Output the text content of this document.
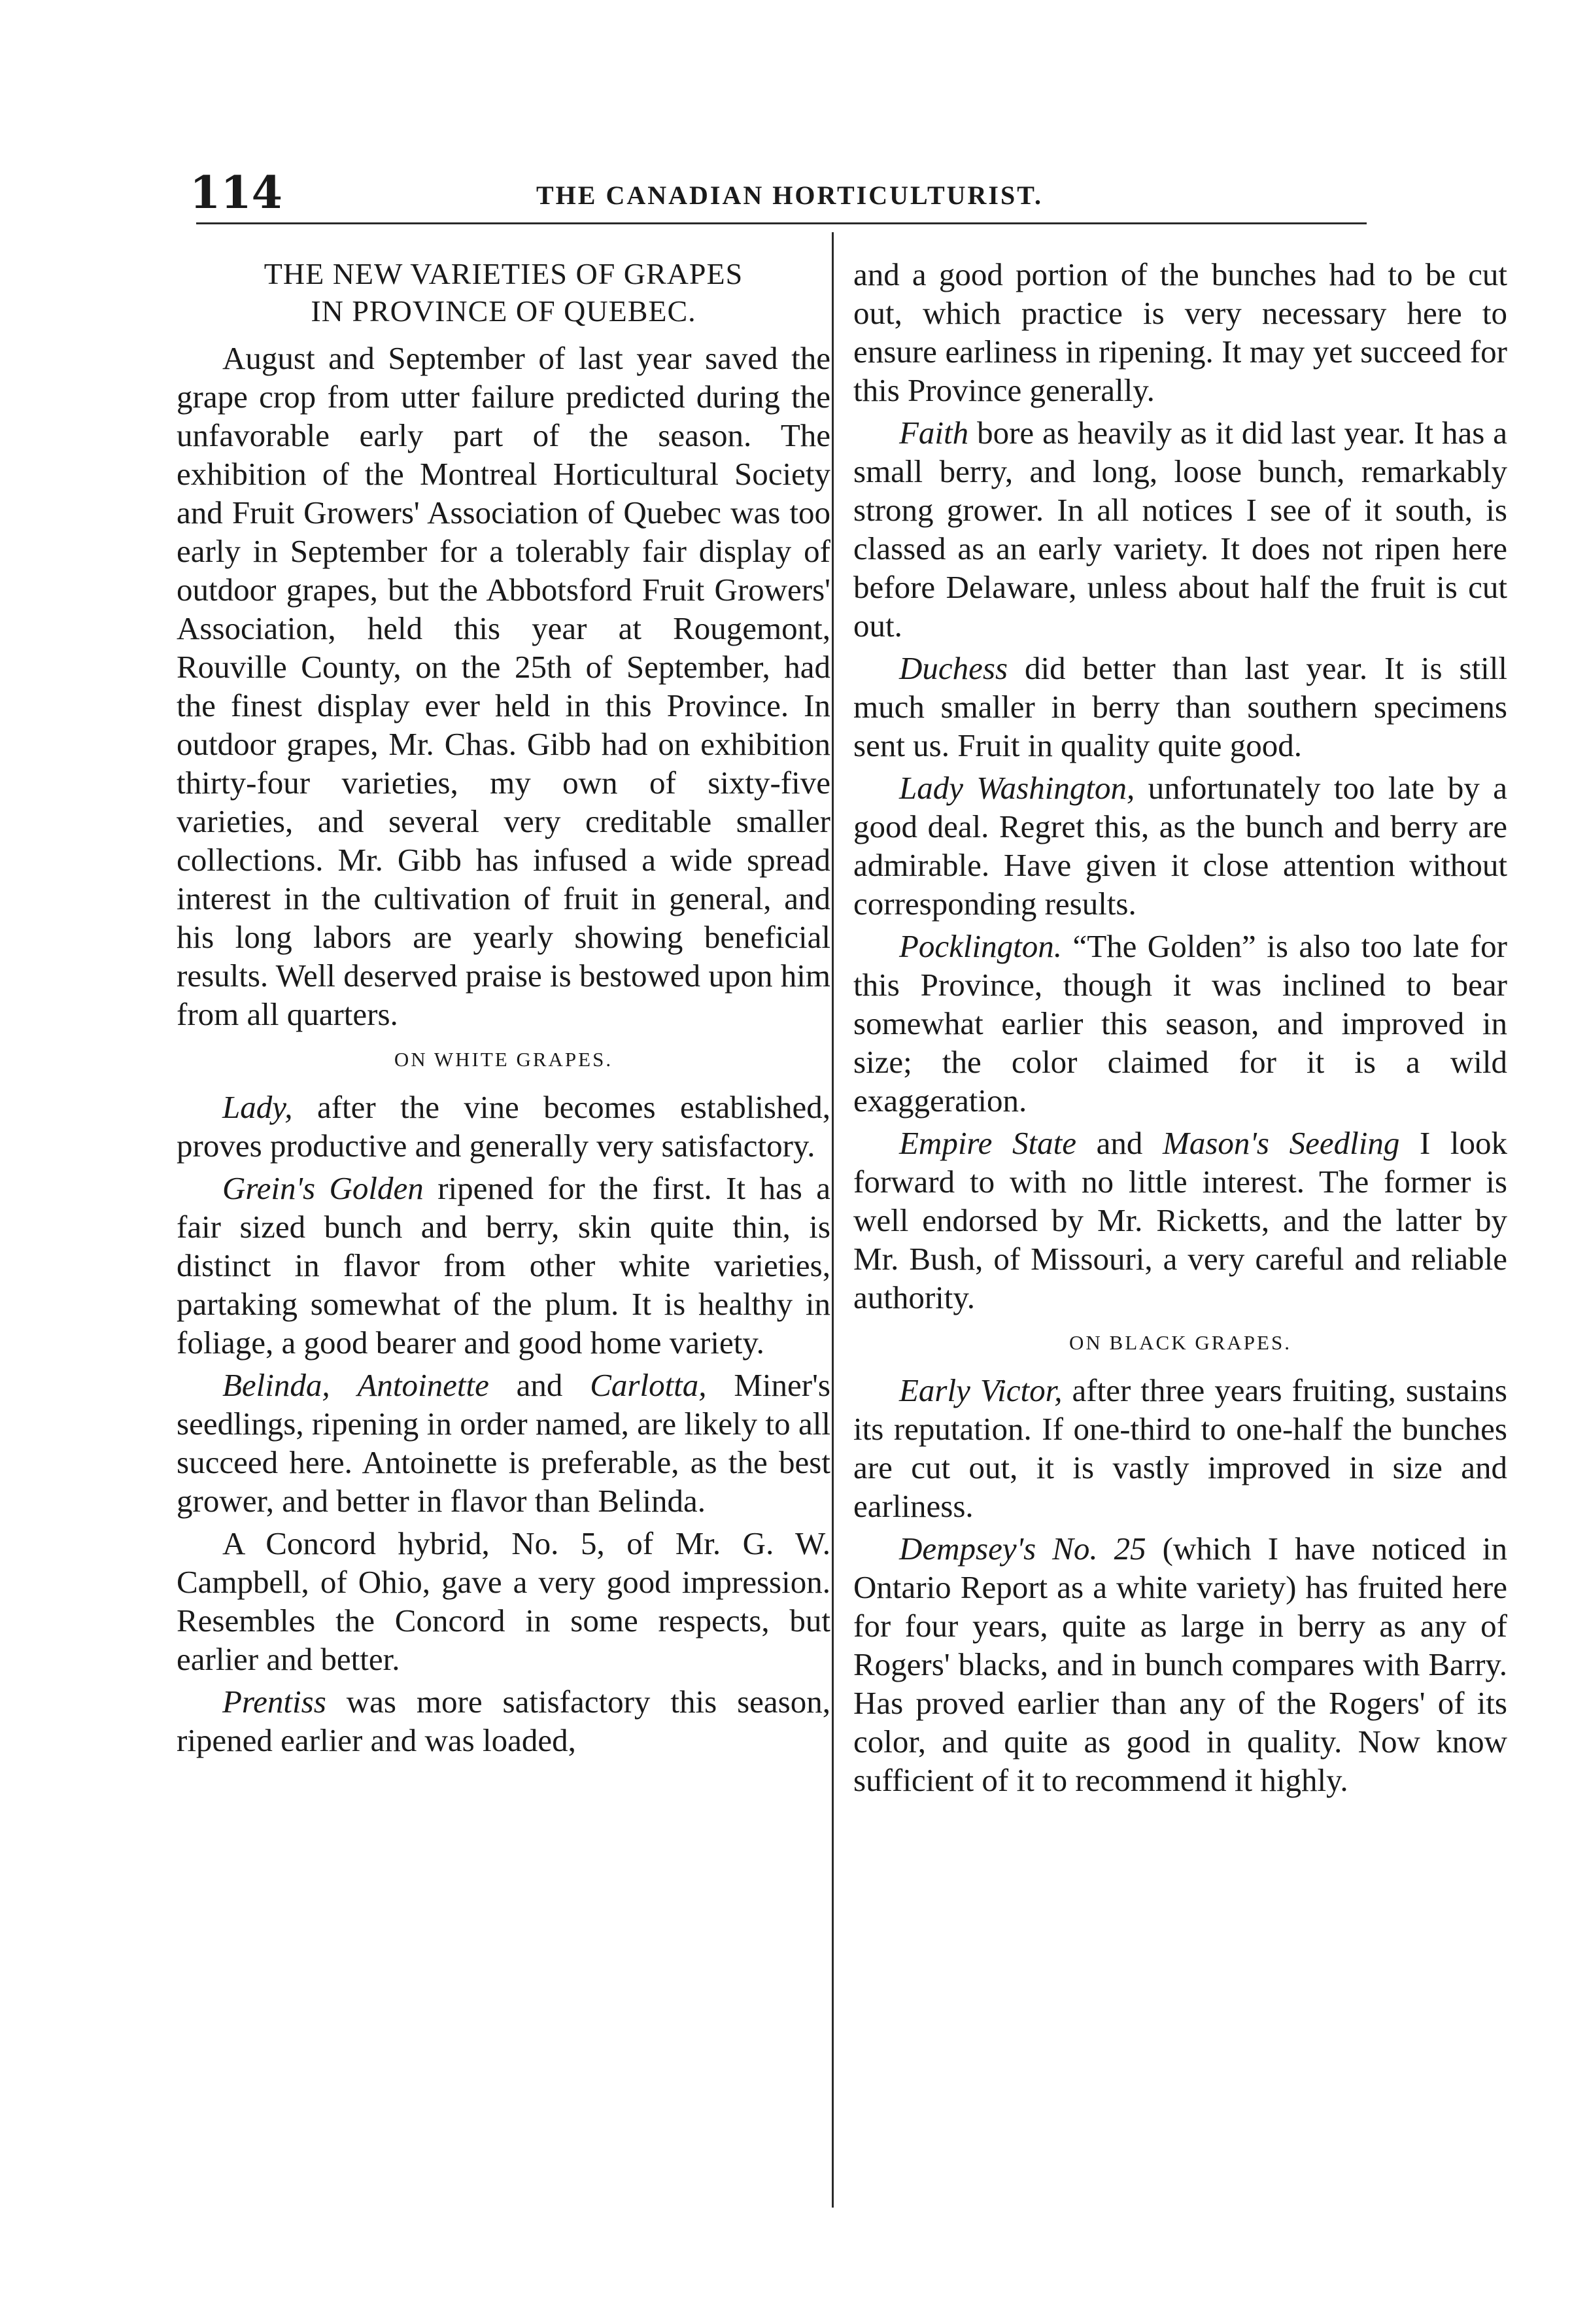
114	THE CANADIAN HORTICULTURIST.
THE NEW VARIETIES OF GRAPES
IN PROVINCE OF QUEBEC.

August and September of last year saved the grape crop from utter failure predicted during the unfavorable early part of the season. The exhibition of the Montreal Horticultural Society and Fruit Growers' Association of Quebec was too early in September for a tolerably fair display of outdoor grapes, but the Abbotsford Fruit Growers' Association, held this year at Rougemont, Rouville County, on the 25th of September, had the finest display ever held in this Province. In outdoor grapes, Mr. Chas. Gibb had on exhibition thirty-four varieties, my own of sixty-five varieties, and several very creditable smaller collections. Mr. Gibb has infused a wide spread interest in the cultivation of fruit in general, and his long labors are yearly showing beneficial results. Well deserved praise is bestowed upon him from all quarters.

ON WHITE GRAPES.

Lady, after the vine becomes established, proves productive and generally very satisfactory.

Grein's Golden ripened for the first. It has a fair sized bunch and berry, skin quite thin, is distinct in flavor from other white varieties, partaking somewhat of the plum. It is healthy in foliage, a good bearer and good home variety.

Belinda, Antoinette and Carlotta, Miner's seedlings, ripening in order named, are likely to all succeed here. Antoinette is preferable, as the best grower, and better in flavor than Belinda.

A Concord hybrid, No. 5, of Mr. G. W. Campbell, of Ohio, gave a very good impression. Resembles the Concord in some respects, but earlier and better.

Prentiss was more satisfactory this season, ripened earlier and was loaded,

and a good portion of the bunches had to be cut out, which practice is very necessary here to ensure earliness in ripening. It may yet succeed for this Province generally.

Faith bore as heavily as it did last year. It has a small berry, and long, loose bunch, remarkably strong grower. In all notices I see of it south, is classed as an early variety. It does not ripen here before Delaware, unless about half the fruit is cut out.

Duchess did better than last year. It is still much smaller in berry than southern specimens sent us. Fruit in quality quite good.

Lady Washington, unfortunately too late by a good deal. Regret this, as the bunch and berry are admirable. Have given it close attention without corresponding results.

Pocklington. “The Golden” is also too late for this Province, though it was inclined to bear somewhat earlier this season, and improved in size; the color claimed for it is a wild exaggeration.

Empire State and Mason's Seedling I look forward to with no little interest. The former is well endorsed by Mr. Ricketts, and the latter by Mr. Bush, of Missouri, a very careful and reliable authority.

ON BLACK GRAPES.

Early Victor, after three years fruiting, sustains its reputation. If one-third to one-half the bunches are cut out, it is vastly improved in size and earliness.

Dempsey's No. 25 (which I have noticed in Ontario Report as a white variety) has fruited here for four years, quite as large in berry as any of Rogers' blacks, and in bunch compares with Barry. Has proved earlier than any of the Rogers' of its color, and quite as good in quality. Now know sufficient of it to recommend it highly.
